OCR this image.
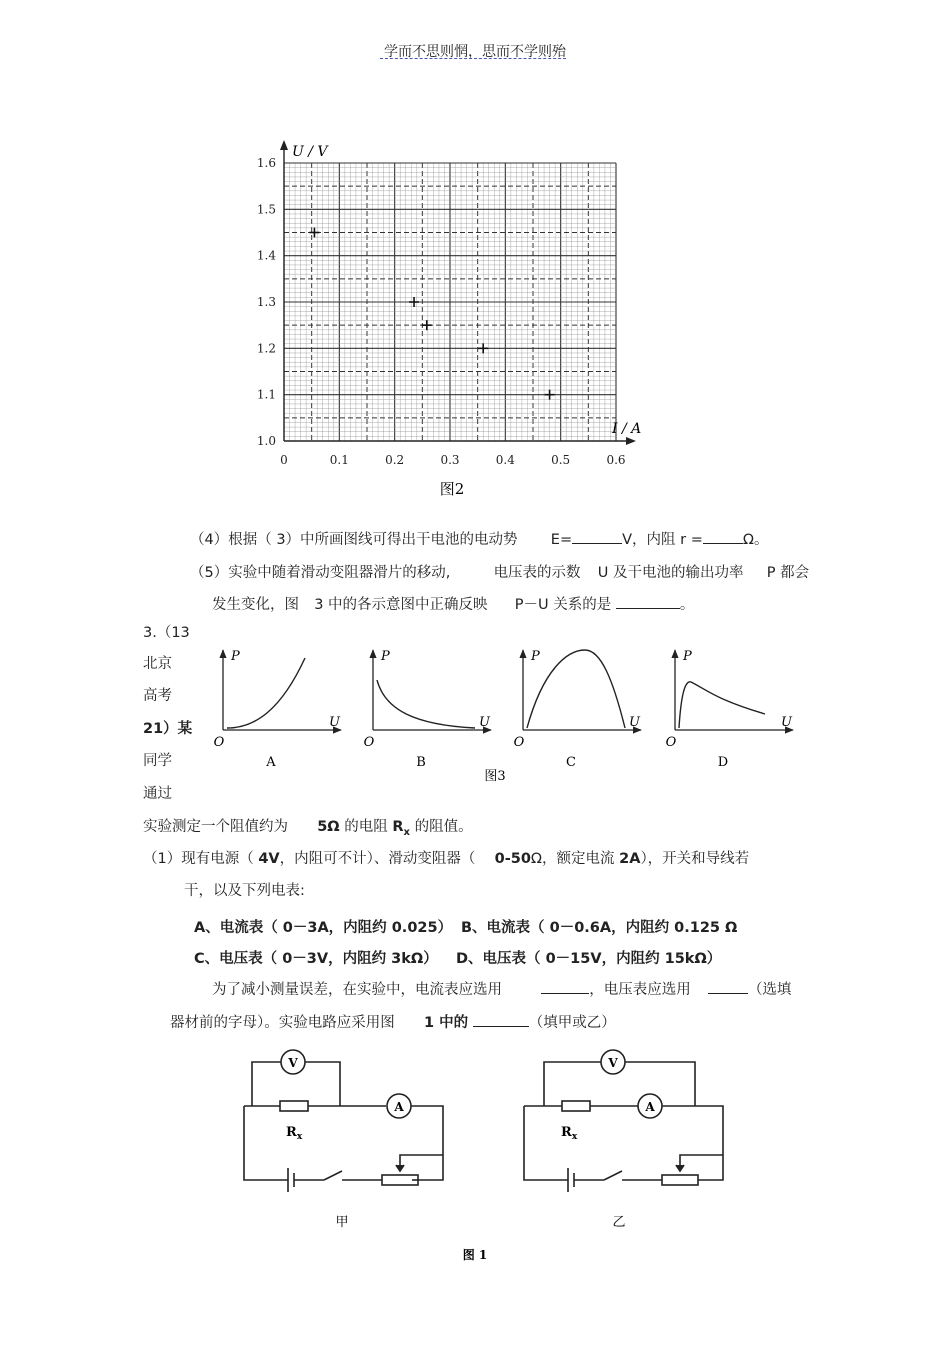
学而不思则惘，思而不学则殆
0	0.1	0.2	0.3	0.4	0.5	0.6
1.0
1.1
1.2
1.3
1.4
1.5
1.6
U / V
I / A
图2
（4）根据（ 3）中所画图线可得出干电池的电动势 E=	V，内阻 r =	Ω。
（5）实验中随着滑动变阻器滑片的移动,	电压表的示数 U 及干电池的输出功率 P 都会
发生变化，图 3 中的各示意图中正确反映 P－U 关系的是	。
3.（13
北京
高考
21）某
同学
通过
P
U
O
A
P
U
O
B
P
U
O
C
P
U
O
D
图3
实验测定一个阻值约为 5Ω 的电阻 $R_x$ 的阻值。
（1）现有电源（ 4V，内阻可不计）、滑动变阻器（ 0-50Ω，额定电流 2A），开关和导线若
干，以及下列电表:
A、电流表（ 0－3A，内阻约 0.025） B、电流表（ 0－0.6A，内阻约 0.125 Ω
C、电压表（ 0－3V，内阻约 3kΩ） D、电压表（ 0－15V，内阻约 15kΩ）
为了减小测量误差，在实验中，电流表应选用	，电压表应选用	（选填
器材前的字母）。实验电路应采用图 1 中的	（填甲或乙）
V
A
$R_x$
甲
V
A
$R_x$
乙
图 1
